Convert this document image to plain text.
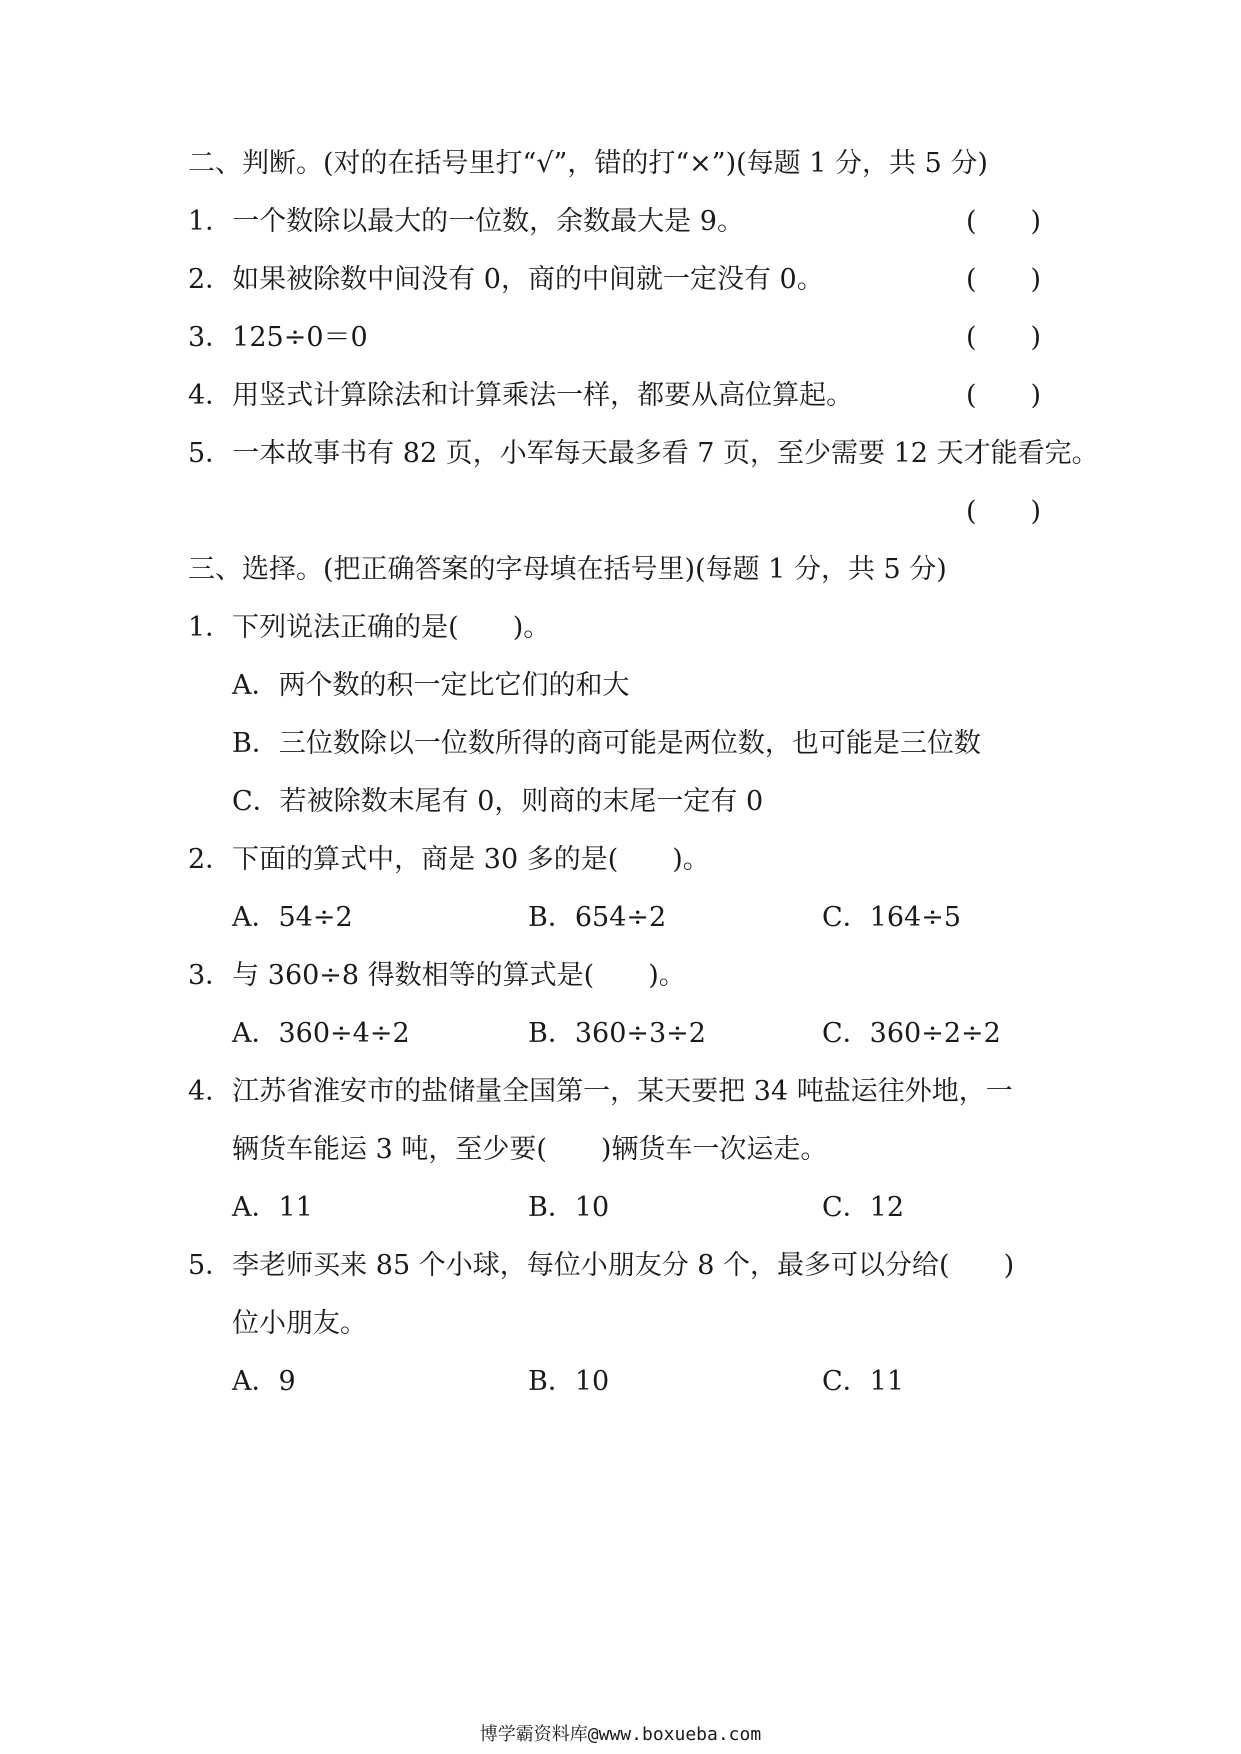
二、判断。(对的在括号里打“√”，错的打“×”)(每题 1 分，共 5 分)
1．一个数除以最大的一位数，余数最大是 9。	(　　)
2．如果被除数中间没有 0，商的中间就一定没有 0。	(　　)
3．125÷0＝0	(　　)
4．用竖式计算除法和计算乘法一样，都要从高位算起。	(　　)
5．一本故事书有 82 页，小军每天最多看 7 页，至少需要 12 天才能看完。
(　　)
三、选择。(把正确答案的字母填在括号里)(每题 1 分，共 5 分)
1．下列说法正确的是(　　)。
A．两个数的积一定比它们的和大
B．三位数除以一位数所得的商可能是两位数，也可能是三位数
C．若被除数末尾有 0，则商的末尾一定有 0
2．下面的算式中，商是 30 多的是(　　)。
A．54÷2	B．654÷2	C．164÷5
3．与 360÷8 得数相等的算式是(　　)。
A．360÷4÷2	B．360÷3÷2	C．360÷2÷2
4．江苏省淮安市的盐储量全国第一，某天要把 34 吨盐运往外地，一
辆货车能运 3 吨，至少要(　　)辆货车一次运走。
A．11	B．10	C．12
5．李老师买来 85 个小球，每位小朋友分 8 个，最多可以分给(　　)
位小朋友。
A．9	B．10	C．11
博学霸资料库@www.boxueba.com
